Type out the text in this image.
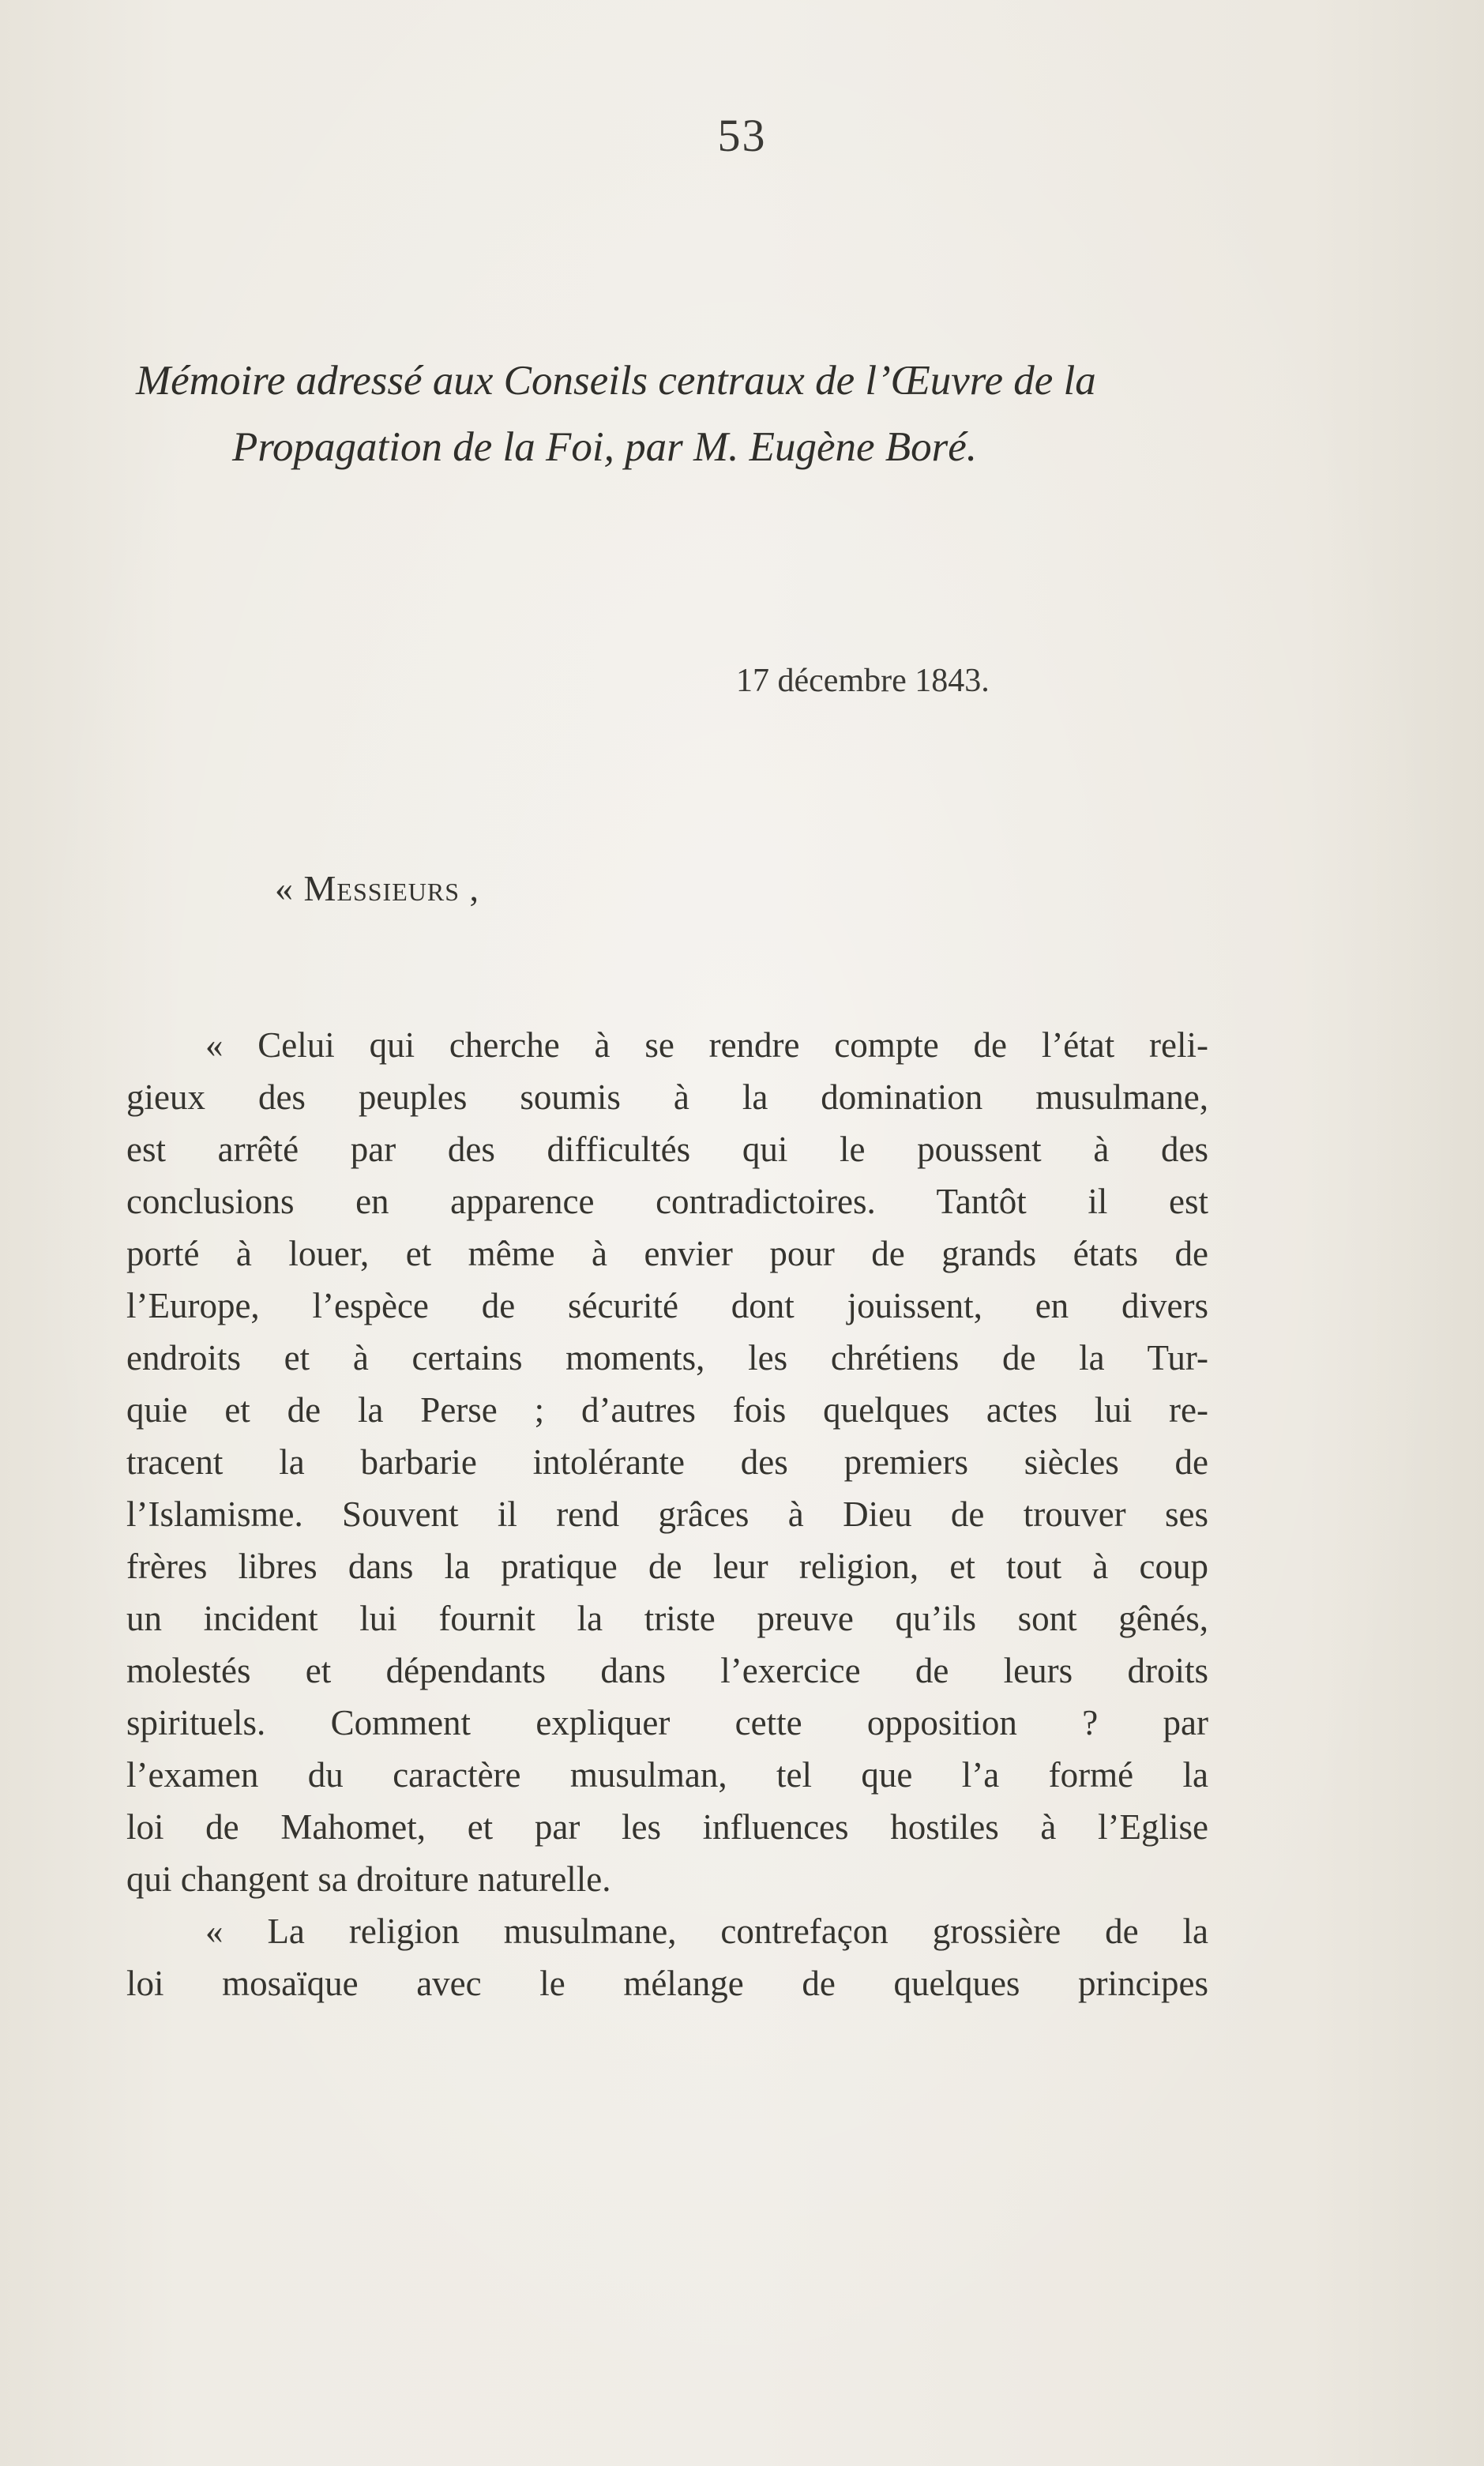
53
Mémoire adressé aux Conseils centraux de l’Œuvre de la
Propagation de la Foi, par M. Eugène Boré.
17 décembre 1843.
« Messieurs ,
« Celui qui cherche à se rendre compte de l’état reli-
gieux des peuples soumis à la domination musulmane,
est arrêté par des difficultés qui le poussent à des
conclusions en apparence contradictoires. Tantôt il est
porté à louer, et même à envier pour de grands états de
l’Europe, l’espèce de sécurité dont jouissent, en divers
endroits et à certains moments, les chrétiens de la Tur-
quie et de la Perse ; d’autres fois quelques actes lui re-
tracent la barbarie intolérante des premiers siècles de
l’Islamisme. Souvent il rend grâces à Dieu de trouver ses
frères libres dans la pratique de leur religion, et tout à coup
un incident lui fournit la triste preuve qu’ils sont gênés,
molestés et dépendants dans l’exercice de leurs droits
spirituels. Comment expliquer cette opposition ? par
l’examen du caractère musulman, tel que l’a formé la
loi de Mahomet, et par les influences hostiles à l’Eglise
qui changent sa droiture naturelle.
« La religion musulmane, contrefaçon grossière de la
loi mosaïque avec le mélange de quelques principes
